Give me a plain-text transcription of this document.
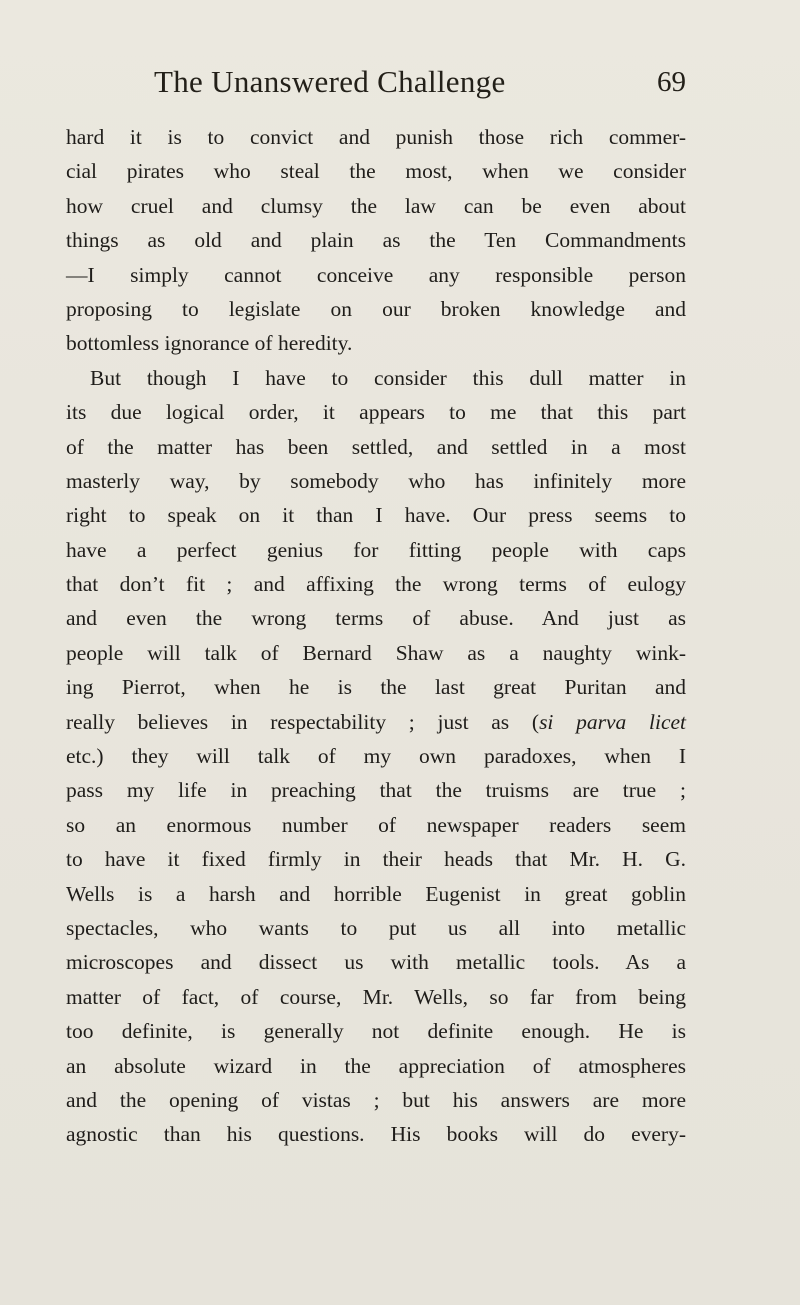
The Unanswered Challenge	69
hard it is to convict and punish those rich commer-
cial pirates who steal the most, when we consider
how cruel and clumsy the law can be even about
things as old and plain as the Ten Commandments
—I simply cannot conceive any responsible person
proposing to legislate on our broken knowledge and
bottomless ignorance of heredity.
But though I have to consider this dull matter in
its due logical order, it appears to me that this part
of the matter has been settled, and settled in a most
masterly way, by somebody who has infinitely more
right to speak on it than I have. Our press seems to
have a perfect genius for fitting people with caps
that don’t fit ; and affixing the wrong terms of eulogy
and even the wrong terms of abuse. And just as
people will talk of Bernard Shaw as a naughty wink-
ing Pierrot, when he is the last great Puritan and
really believes in respectability ; just as (si parva licet
etc.) they will talk of my own paradoxes, when I
pass my life in preaching that the truisms are true ;
so an enormous number of newspaper readers seem
to have it fixed firmly in their heads that Mr. H. G.
Wells is a harsh and horrible Eugenist in great goblin
spectacles, who wants to put us all into metallic
microscopes and dissect us with metallic tools. As a
matter of fact, of course, Mr. Wells, so far from being
too definite, is generally not definite enough. He is
an absolute wizard in the appreciation of atmospheres
and the opening of vistas ; but his answers are more
agnostic than his questions. His books will do every-
